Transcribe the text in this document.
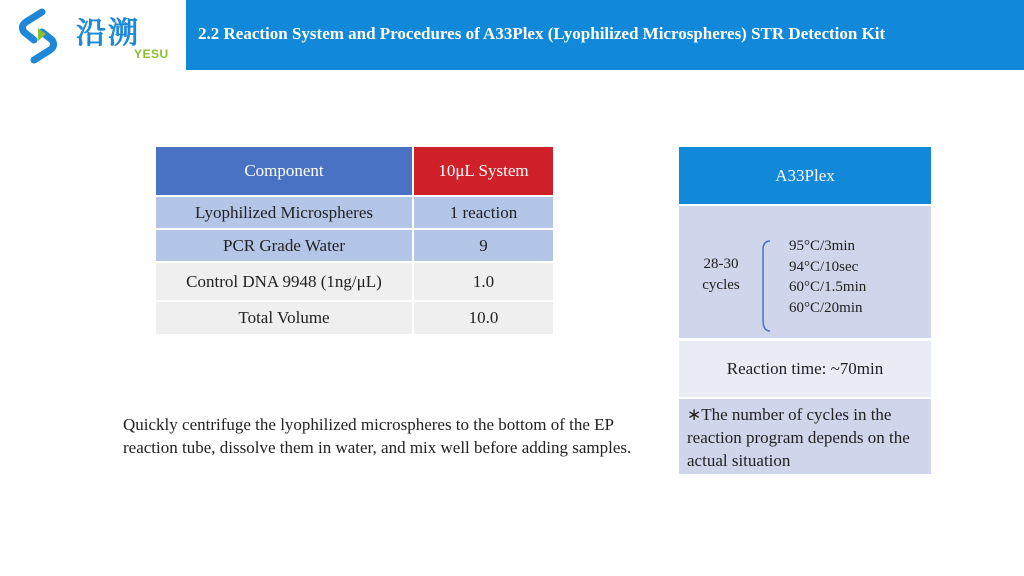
沿溯
YESU
2.2 Reaction System and Procedures of A33Plex (Lyophilized Microspheres) STR Detection Kit
Component	10μL System
Lyophilized Microspheres	1 reaction
PCR Grade Water	9
Control DNA 9948 (1ng/μL)	1.0
Total Volume	10.0
A33Plex
28-30
cycles
95°C/3min
94°C/10sec
60°C/1.5min
60°C/20min
Reaction time: ~70min
∗The number of cycles in the reaction program depends on the actual situation
Quickly centrifuge the lyophilized microspheres to the bottom of the EP reaction tube, dissolve them in water, and mix well before adding samples.
